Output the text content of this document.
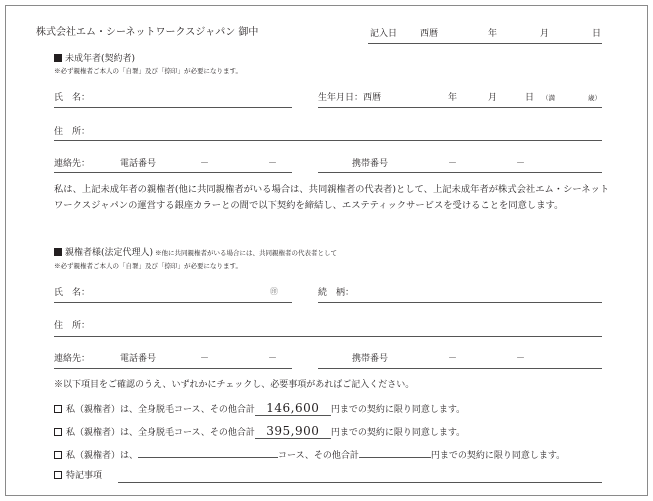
株式会社エム・シーネットワークスジャパン 御中	記入日	西暦	年	月	日
未成年者(契約者)
※必ず親権者ご本人の「自署」及び「捺印」が必要になります。
氏　名：	生年月日：西暦	年	月	日 （満	歳）
住　所：
連絡先：	電話番号	－	－	携帯番号	－	－
私は、上記未成年者の親権者(他に共同親権者がいる場合は、共同親権者の代表者)として、上記未成年者が株式会社エム・シーネットワークスジャパンの運営する銀座カラーとの間で以下契約を締結し、エステティックサービスを受けることを同意します。
親権者様(法定代理人) ※他に共同親権者がいる場合には、共同親権者の代表者として
※必ず親権者ご本人の「自署」及び「捺印」が必要になります。
氏　名：	㊞	続　柄：
住　所：
連絡先：	電話番号	－	－	携帯番号	－	－
※以下項目をご確認のうえ、いずれかにチェックし、必要事項があればご記入ください。
私（親権者）は、全身脱毛コース、その他合計 146,600 円までの契約に限り同意します。
私（親権者）は、全身脱毛コース、その他合計 395,900 円までの契約に限り同意します。
私（親権者）は、	コース、その他合計	円までの契約に限り同意します。
特記事項
